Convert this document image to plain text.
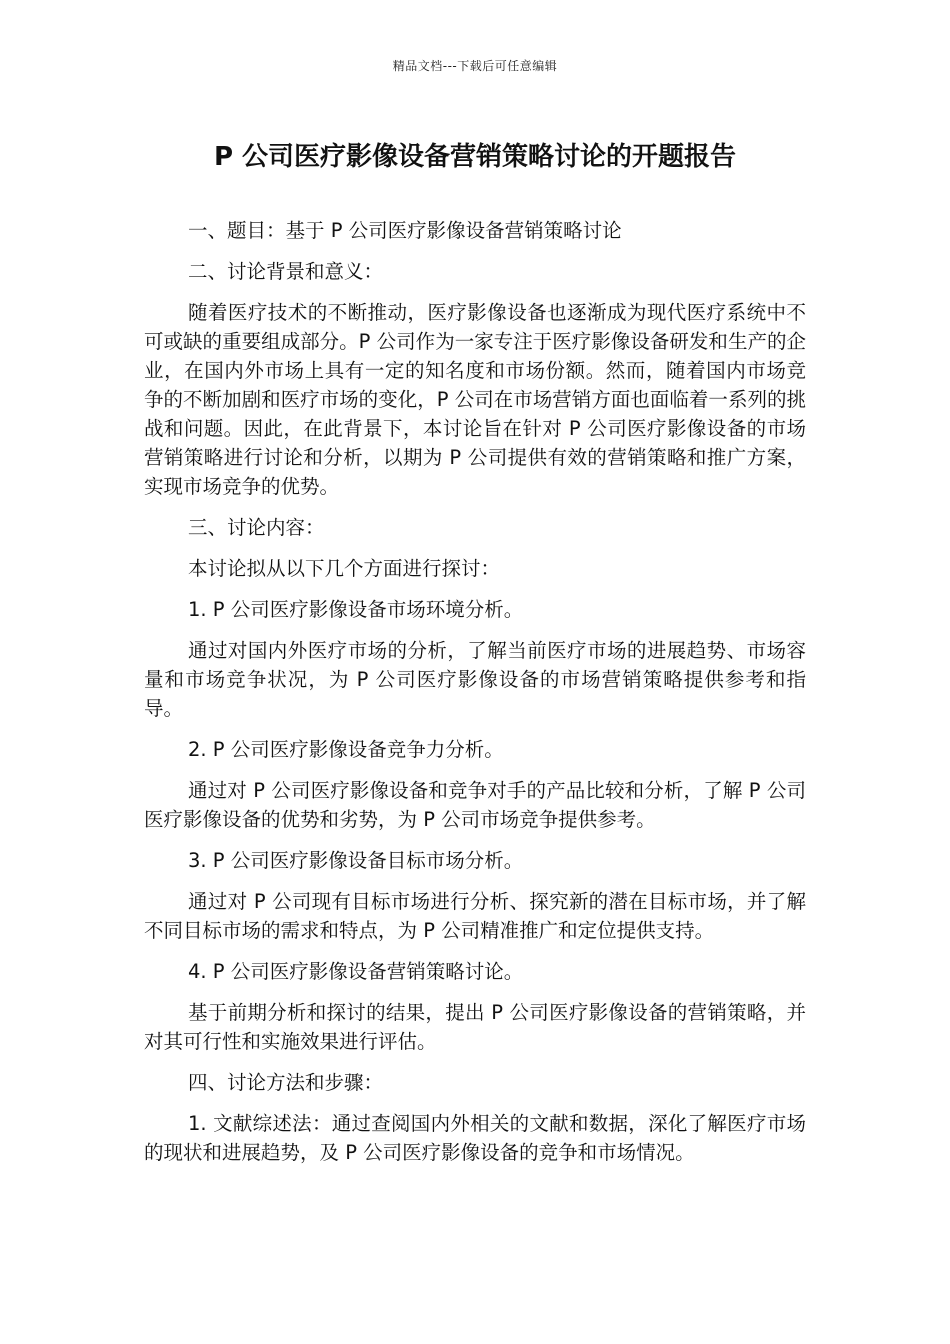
精品文档---下载后可任意编辑
P 公司医疗影像设备营销策略讨论的开题报告

一、题目：基于 P 公司医疗影像设备营销策略讨论

二、讨论背景和意义：

随着医疗技术的不断推动，医疗影像设备也逐渐成为现代医疗系统中不可或缺的重要组成部分。P 公司作为一家专注于医疗影像设备研发和生产的企业，在国内外市场上具有一定的知名度和市场份额。然而，随着国内市场竞争的不断加剧和医疗市场的变化，P 公司在市场营销方面也面临着一系列的挑战和问题。因此，在此背景下，本讨论旨在针对 P 公司医疗影像设备的市场营销策略进行讨论和分析，以期为 P 公司提供有效的营销策略和推广方案，实现市场竞争的优势。

三、讨论内容：

本讨论拟从以下几个方面进行探讨：

1. P 公司医疗影像设备市场环境分析。

通过对国内外医疗市场的分析，了解当前医疗市场的进展趋势、市场容量和市场竞争状况，为 P 公司医疗影像设备的市场营销策略提供参考和指导。

2. P 公司医疗影像设备竞争力分析。

通过对 P 公司医疗影像设备和竞争对手的产品比较和分析，了解 P 公司医疗影像设备的优势和劣势，为 P 公司市场竞争提供参考。

3. P 公司医疗影像设备目标市场分析。

通过对 P 公司现有目标市场进行分析、探究新的潜在目标市场，并了解不同目标市场的需求和特点，为 P 公司精准推广和定位提供支持。

4. P 公司医疗影像设备营销策略讨论。

基于前期分析和探讨的结果，提出 P 公司医疗影像设备的营销策略，并对其可行性和实施效果进行评估。

四、讨论方法和步骤：

1. 文献综述法：通过查阅国内外相关的文献和数据，深化了解医疗市场的现状和进展趋势，及 P 公司医疗影像设备的竞争和市场情况。
